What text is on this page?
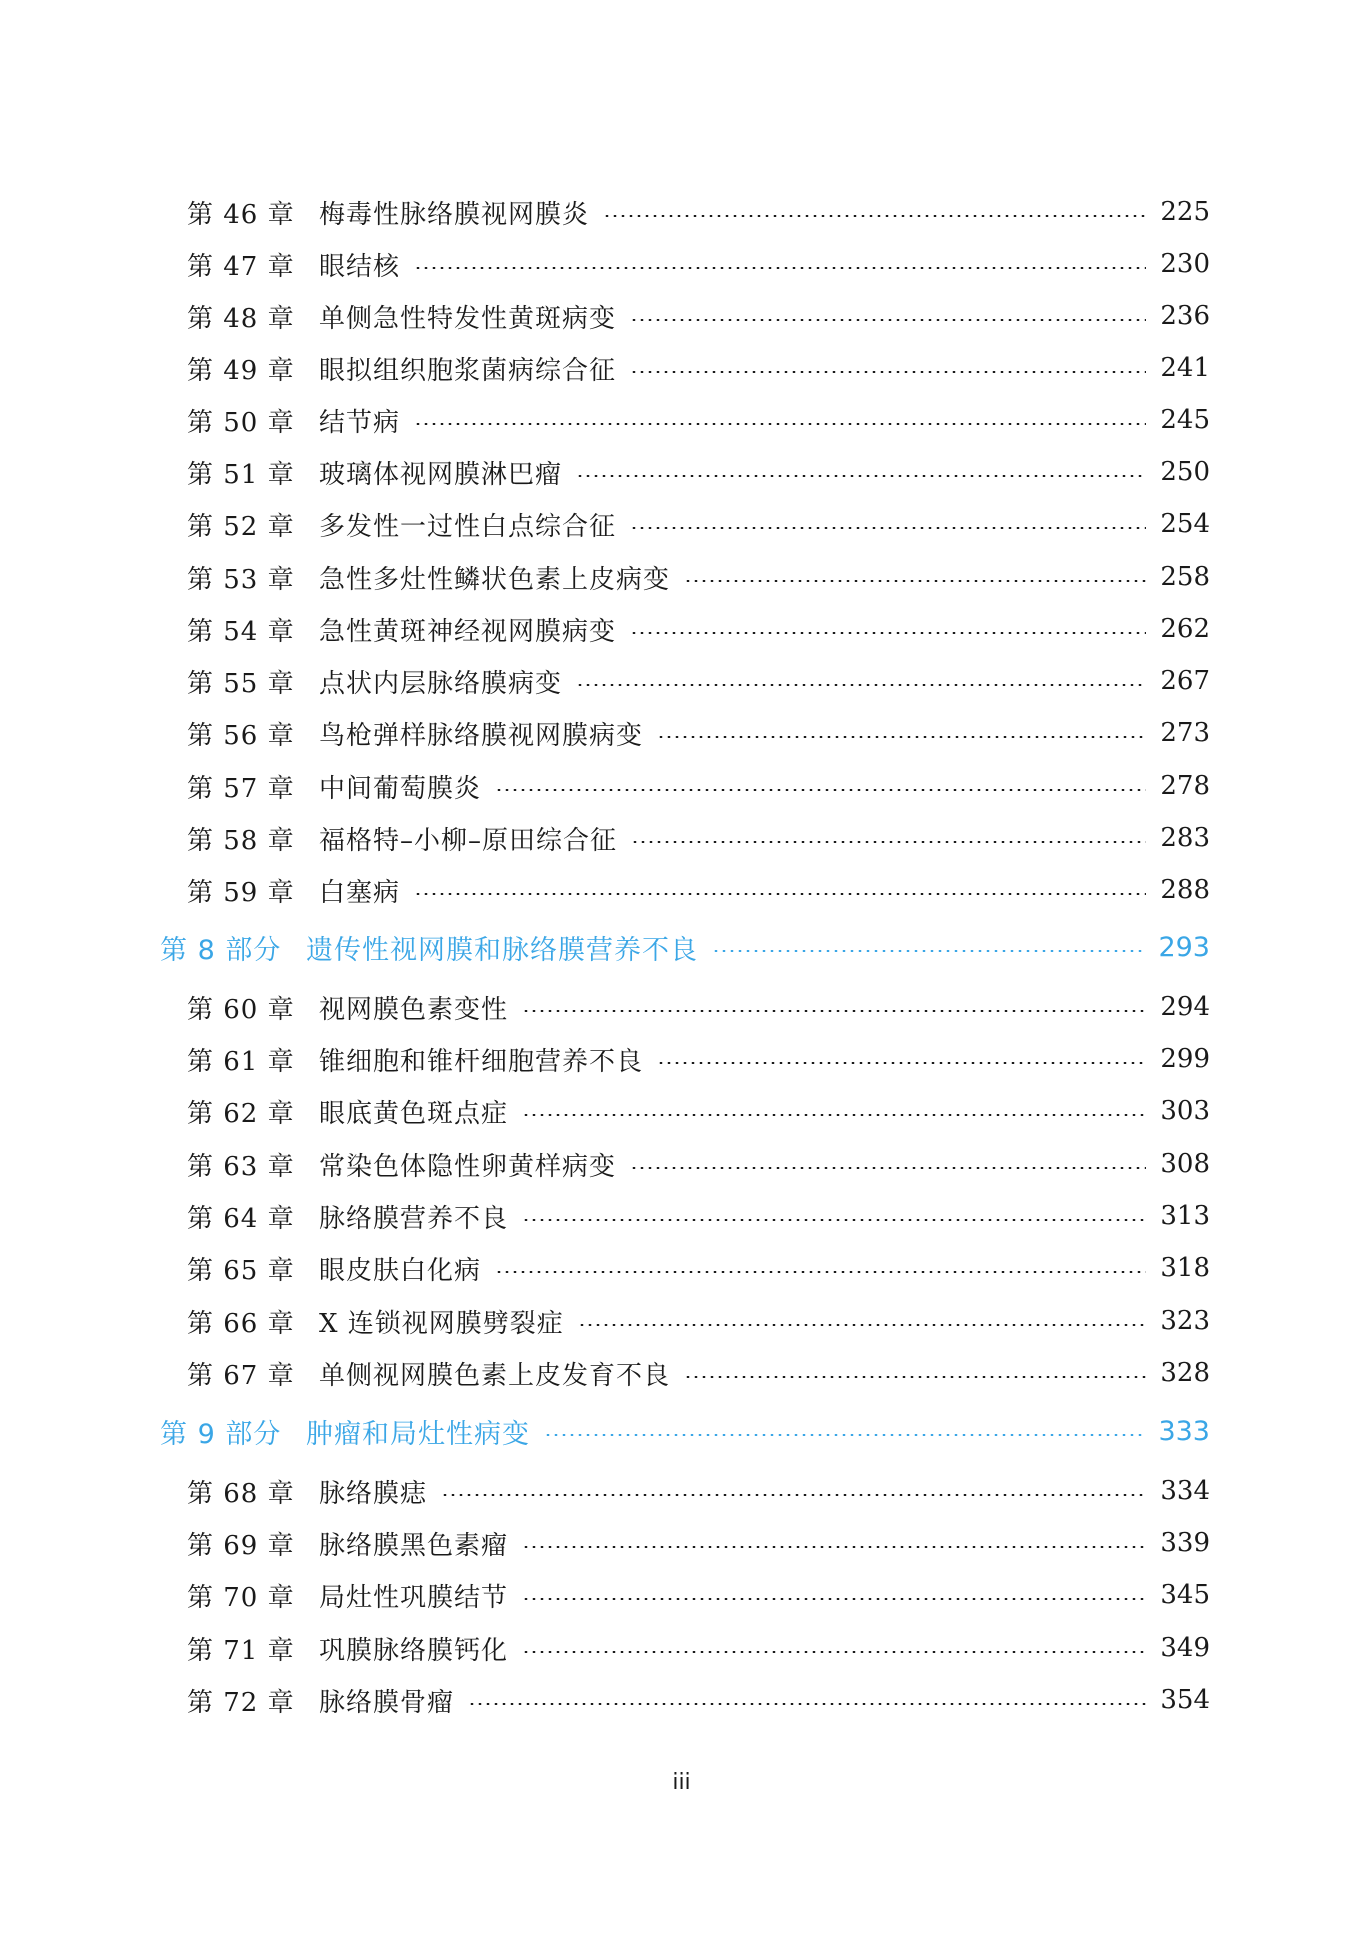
第 46 章 梅毒性脉络膜视网膜炎	225
第 47 章 眼结核	230
第 48 章 单侧急性特发性黄斑病变	236
第 49 章 眼拟组织胞浆菌病综合征	241
第 50 章 结节病	245
第 51 章 玻璃体视网膜淋巴瘤	250
第 52 章 多发性一过性白点综合征	254
第 53 章 急性多灶性鳞状色素上皮病变	258
第 54 章 急性黄斑神经视网膜病变	262
第 55 章 点状内层脉络膜病变	267
第 56 章 鸟枪弹样脉络膜视网膜病变	273
第 57 章 中间葡萄膜炎	278
第 58 章 福格特–小柳–原田综合征	283
第 59 章 白塞病	288
第 8 部分 遗传性视网膜和脉络膜营养不良	293
第 60 章 视网膜色素变性	294
第 61 章 锥细胞和锥杆细胞营养不良	299
第 62 章 眼底黄色斑点症	303
第 63 章 常染色体隐性卵黄样病变	308
第 64 章 脉络膜营养不良	313
第 65 章 眼皮肤白化病	318
第 66 章 X 连锁视网膜劈裂症	323
第 67 章 单侧视网膜色素上皮发育不良	328
第 9 部分 肿瘤和局灶性病变	333
第 68 章 脉络膜痣	334
第 69 章 脉络膜黑色素瘤	339
第 70 章 局灶性巩膜结节	345
第 71 章 巩膜脉络膜钙化	349
第 72 章 脉络膜骨瘤	354
iii
